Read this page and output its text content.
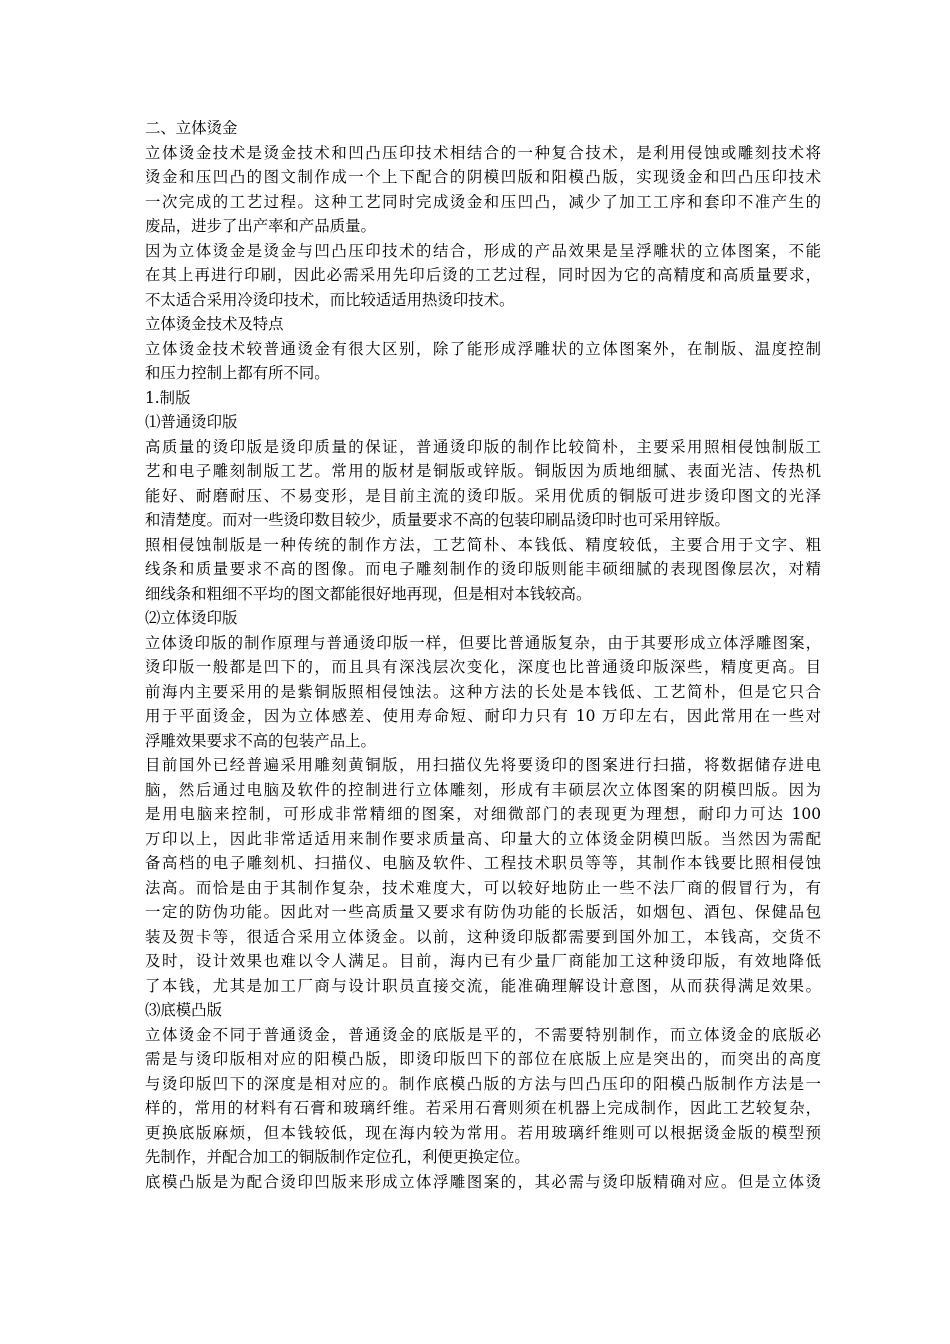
二、立体烫金
立体烫金技术是烫金技术和凹凸压印技术相结合的一种复合技术，是利用侵蚀或雕刻技术将
烫金和压凹凸的图文制作成一个上下配合的阴模凹版和阳模凸版，实现烫金和凹凸压印技术
一次完成的工艺过程。这种工艺同时完成烫金和压凹凸，减少了加工工序和套印不准产生的
废品，进步了出产率和产品质量。
因为立体烫金是烫金与凹凸压印技术的结合，形成的产品效果是呈浮雕状的立体图案，不能
在其上再进行印刷，因此必需采用先印后烫的工艺过程，同时因为它的高精度和高质量要求，
不太适合采用冷烫印技术，而比较适适用热烫印技术。
立体烫金技术及特点
立体烫金技术较普通烫金有很大区别，除了能形成浮雕状的立体图案外，在制版、温度控制
和压力控制上都有所不同。
1.制版
⑴普通烫印版
高质量的烫印版是烫印质量的保证，普通烫印版的制作比较简朴，主要采用照相侵蚀制版工
艺和电子雕刻制版工艺。常用的版材是铜版或锌版。铜版因为质地细腻、表面光洁、传热机
能好、耐磨耐压、不易变形，是目前主流的烫印版。采用优质的铜版可进步烫印图文的光泽
和清楚度。而对一些烫印数目较少，质量要求不高的包装印刷品烫印时也可采用锌版。
照相侵蚀制版是一种传统的制作方法，工艺简朴、本钱低、精度较低，主要合用于文字、粗
线条和质量要求不高的图像。而电子雕刻制作的烫印版则能丰硕细腻的表现图像层次，对精
细线条和粗细不平均的图文都能很好地再现，但是相对本钱较高。
⑵立体烫印版
立体烫印版的制作原理与普通烫印版一样，但要比普通版复杂，由于其要形成立体浮雕图案，
烫印版一般都是凹下的，而且具有深浅层次变化，深度也比普通烫印版深些，精度更高。目
前海内主要采用的是紫铜版照相侵蚀法。这种方法的长处是本钱低、工艺简朴，但是它只合
用于平面烫金，因为立体感差、使用寿命短、耐印力只有 10 万印左右，因此常用在一些对
浮雕效果要求不高的包装产品上。
目前国外已经普遍采用雕刻黄铜版，用扫描仪先将要烫印的图案进行扫描，将数据储存进电
脑，然后通过电脑及软件的控制进行立体雕刻，形成有丰硕层次立体图案的阴模凹版。因为
是用电脑来控制，可形成非常精细的图案，对细微部门的表现更为理想，耐印力可达 100
万印以上，因此非常适适用来制作要求质量高、印量大的立体烫金阴模凹版。当然因为需配
备高档的电子雕刻机、扫描仪、电脑及软件、工程技术职员等等，其制作本钱要比照相侵蚀
法高。而恰是由于其制作复杂，技术难度大，可以较好地防止一些不法厂商的假冒行为，有
一定的防伪功能。因此对一些高质量又要求有防伪功能的长版活，如烟包、酒包、保健品包
装及贺卡等，很适合采用立体烫金。以前，这种烫印版都需要到国外加工，本钱高，交货不
及时，设计效果也难以令人满足。目前，海内已有少量厂商能加工这种烫印版，有效地降低
了本钱，尤其是加工厂商与设计职员直接交流，能准确理解设计意图，从而获得满足效果。
⑶底模凸版
立体烫金不同于普通烫金，普通烫金的底版是平的，不需要特别制作，而立体烫金的底版必
需是与烫印版相对应的阳模凸版，即烫印版凹下的部位在底版上应是突出的，而突出的高度
与烫印版凹下的深度是相对应的。制作底模凸版的方法与凹凸压印的阳模凸版制作方法是一
样的，常用的材料有石膏和玻璃纤维。若采用石膏则须在机器上完成制作，因此工艺较复杂，
更换底版麻烦，但本钱较低，现在海内较为常用。若用玻璃纤维则可以根据烫金版的模型预
先制作，并配合加工的铜版制作定位孔，利便更换定位。
底模凸版是为配合烫印凹版来形成立体浮雕图案的，其必需与烫印版精确对应。但是立体烫
